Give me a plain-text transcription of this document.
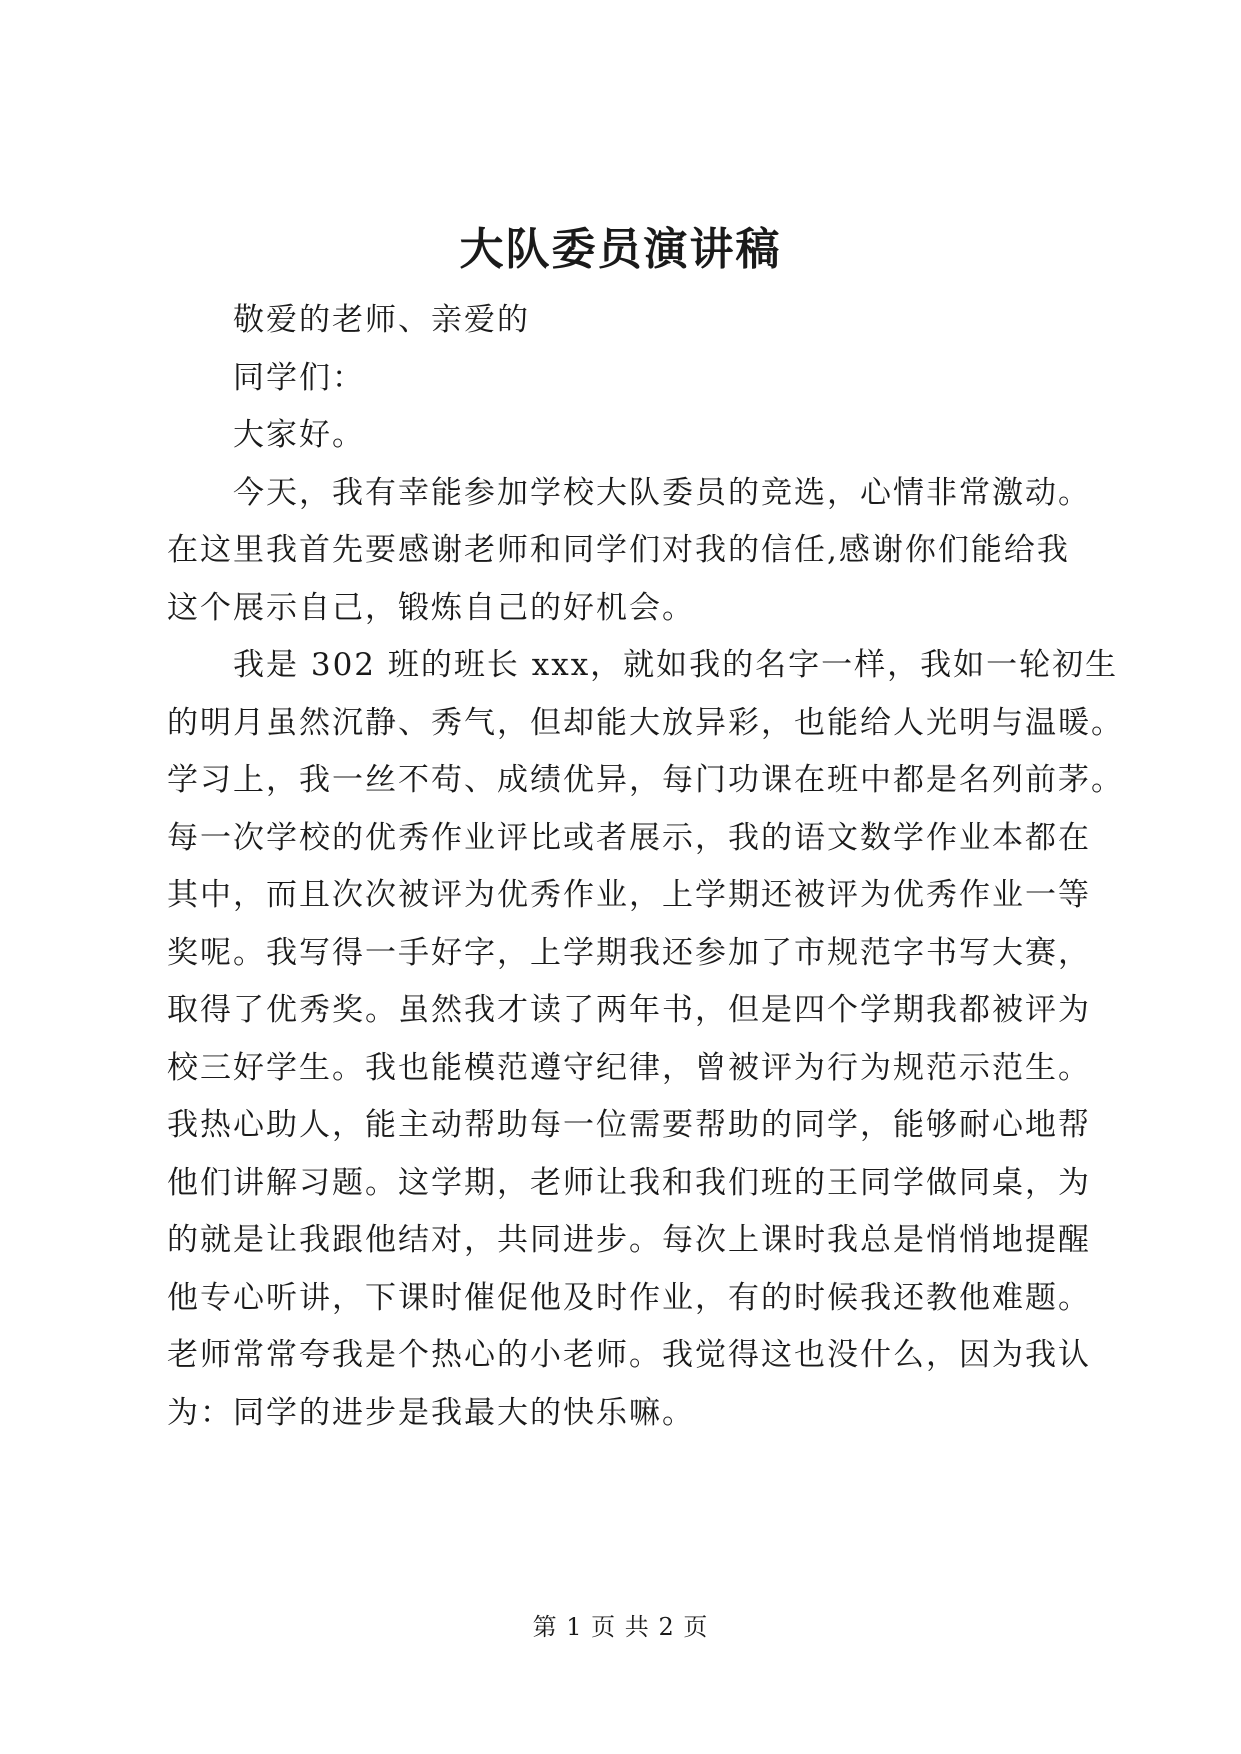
大队委员演讲稿

敬爱的老师、亲爱的

同学们：

大家好。

今天，我有幸能参加学校大队委员的竞选，心情非常激动。

在这里我首先要感谢老师和同学们对我的信任,感谢你们能给我

这个展示自己，锻炼自己的好机会。

我是 302 班的班长 xxx，就如我的名字一样，我如一轮初生

的明月虽然沉静、秀气，但却能大放异彩，也能给人光明与温暖。

学习上，我一丝不苟、成绩优异，每门功课在班中都是名列前茅。

每一次学校的优秀作业评比或者展示，我的语文数学作业本都在

其中，而且次次被评为优秀作业，上学期还被评为优秀作业一等

奖呢。我写得一手好字，上学期我还参加了市规范字书写大赛，

取得了优秀奖。虽然我才读了两年书，但是四个学期我都被评为

校三好学生。我也能模范遵守纪律，曾被评为行为规范示范生。

我热心助人，能主动帮助每一位需要帮助的同学，能够耐心地帮

他们讲解习题。这学期，老师让我和我们班的王同学做同桌，为

的就是让我跟他结对，共同进步。每次上课时我总是悄悄地提醒

他专心听讲，下课时催促他及时作业，有的时候我还教他难题。

老师常常夸我是个热心的小老师。我觉得这也没什么，因为我认

为：同学的进步是我最大的快乐嘛。

第 1 页 共 2 页
